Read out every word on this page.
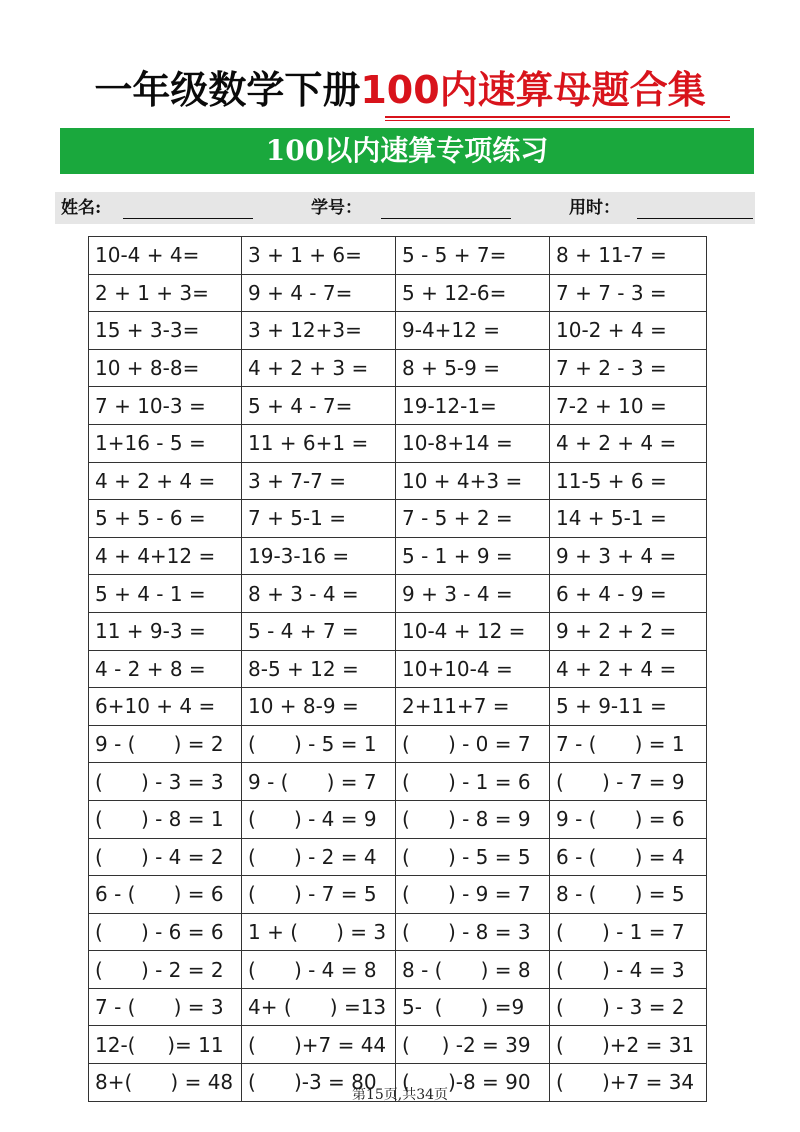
一年级数学下册100内速算母题合集
100以内速算专项练习
姓名:	学号：	用时：
10-4 + 4=	3 + 1 + 6=	5 - 5 + 7=	8 + 11-7 =
2 + 1 + 3=	9 + 4 - 7=	5 + 12-6=	7 + 7 - 3 =
15 + 3-3=	3 + 12+3=	9-4+12 =	10-2 + 4 =
10 + 8-8=	4 + 2 + 3 =	8 + 5-9 =	7 + 2 - 3 =
7 + 10-3 =	5 + 4 - 7=	19-12-1=	7-2 + 10 =
1+16 - 5 =	11 + 6+1 =	10-8+14 =	4 + 2 + 4 =
4 + 2 + 4 =	3 + 7-7 =	10 + 4+3 =	11-5 + 6 =
5 + 5 - 6 =	7 + 5-1 =	7 - 5 + 2 =	14 + 5-1 =
4 + 4+12 =	19-3-16 =	5 - 1 + 9 =	9 + 3 + 4 =
5 + 4 - 1 =	8 + 3 - 4 =	9 + 3 - 4 =	6 + 4 - 9 =
11 + 9-3 =	5 - 4 + 7 =	10-4 + 12 =	9 + 2 + 2 =
4 - 2 + 8 =	8-5 + 12 =	10+10-4 =	4 + 2 + 4 =
6+10 + 4 =	10 + 8-9 =	2+11+7 =	5 + 9-11 =
9 - (      ) = 2	(      ) - 5 = 1	(      ) - 0 = 7	7 - (      ) = 1
(      ) - 3 = 3	9 - (      ) = 7	(      ) - 1 = 6	(      ) - 7 = 9
(      ) - 8 = 1	(      ) - 4 = 9	(      ) - 8 = 9	9 - (      ) = 6
(      ) - 4 = 2	(      ) - 2 = 4	(      ) - 5 = 5	6 - (      ) = 4
6 - (      ) = 6	(      ) - 7 = 5	(      ) - 9 = 7	8 - (      ) = 5
(      ) - 6 = 6	1 + (      ) = 3	(      ) - 8 = 3	(      ) - 1 = 7
(      ) - 2 = 2	(      ) - 4 = 8	8 - (      ) = 8	(      ) - 4 = 3
7 - (      ) = 3	4+ (      ) =13	5-  (      ) =9	(      ) - 3 = 2
12-(     )= 11	(      )+7 = 44	(     ) -2 = 39	(      )+2 = 31
8+(      ) = 48	(      )-3 = 80	(      )-8 = 90	(      )+7 = 34
第15页,共34页
